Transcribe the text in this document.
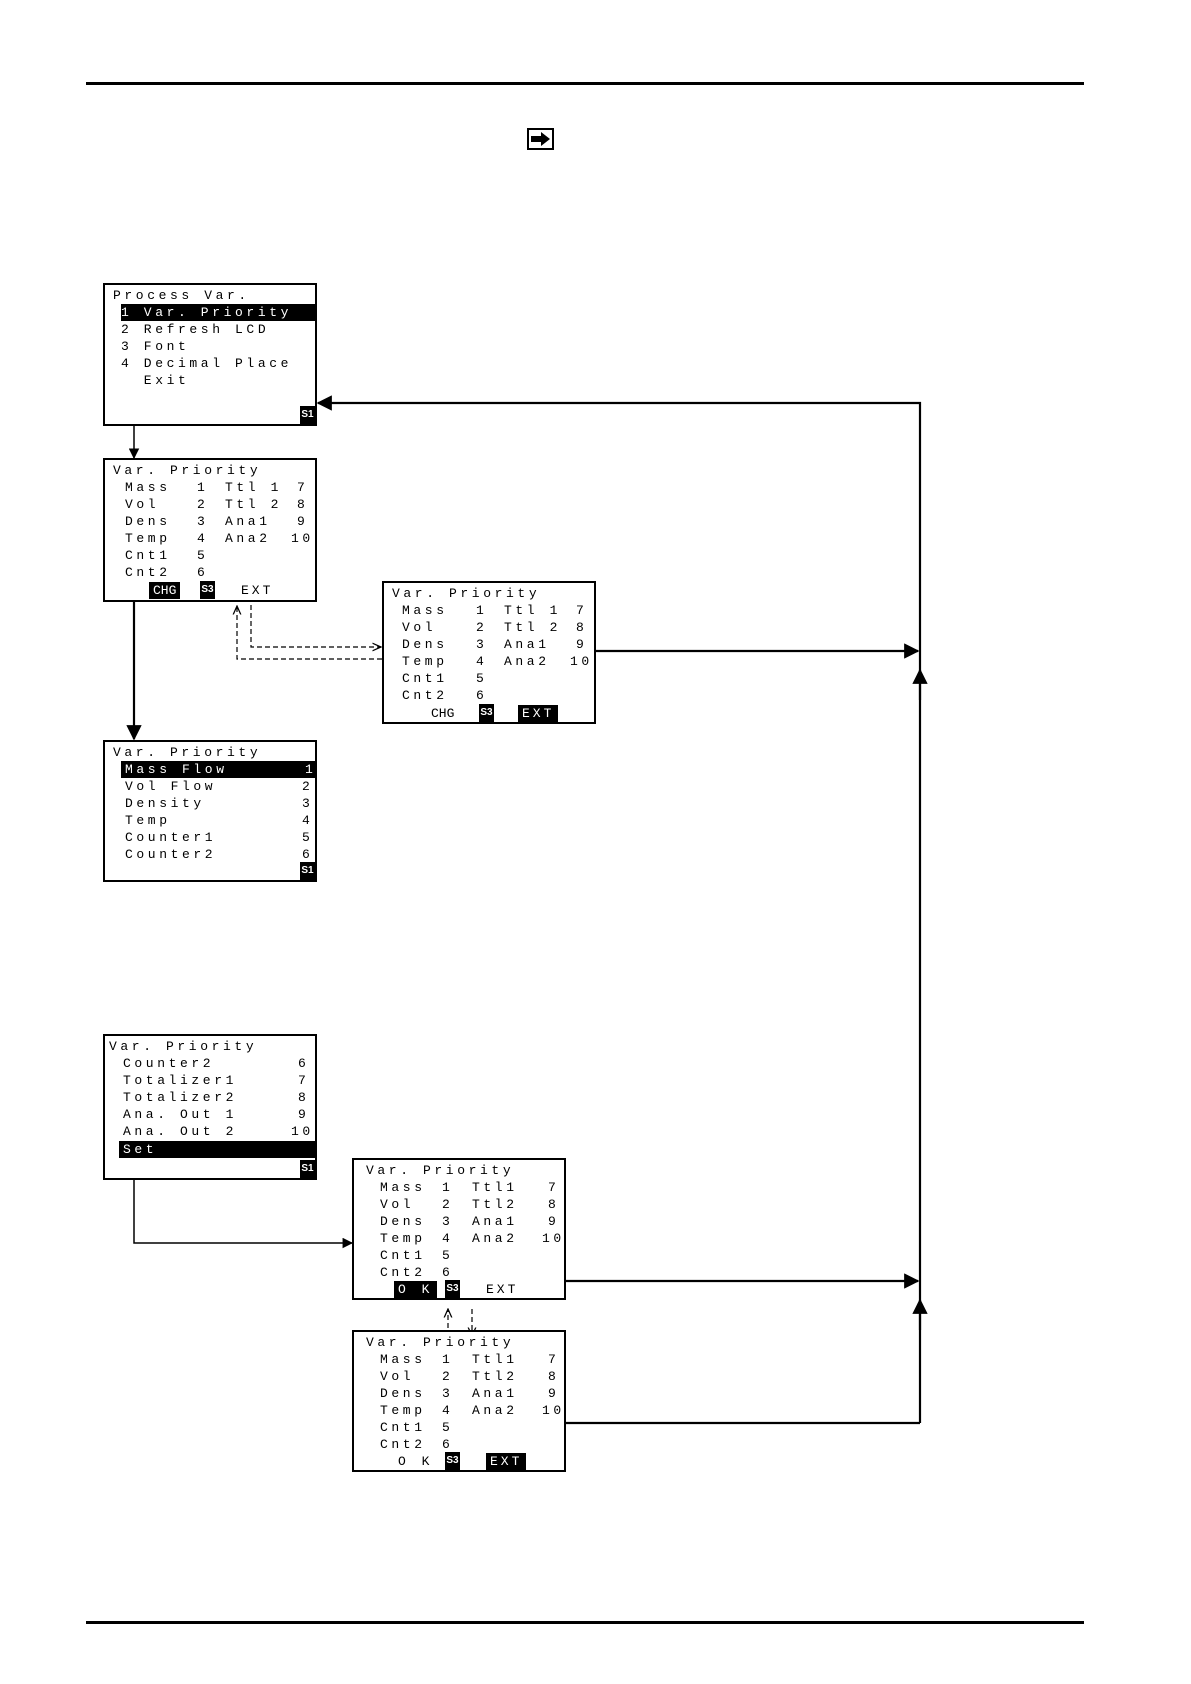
Process Var.
1 Var. Priority
2 Refresh LCD
3 Font
4 Decimal Place
Exit
S1
Var. Priority
Mass 1 Ttl 1 7
Vol	2 Ttl 2 8
Dens 3 Ana1 9
Temp 4 Ana2 10
Cnt1 5
Cnt2 6
CHG	S3 EXT	Var. Priority
Mass 1 Ttl 1 7
Vol	2 Ttl 2 8
Dens 3 Ana1 9
Temp 4 Ana2 10
Cnt1 5
Cnt2 6
CHG	S3	EXT
Var. Priority
Mass Flow	1
Vol Flow	2
Density	3
Temp	4
Counter1	5
Counter2	6
S1
Var. Priority
Counter2	6
Totalizer1	7
Totalizer2	8
Ana. Out 1	9
Ana. Out 2	10
Set
S1	Var. Priority
Mass 1 Ttl1 7
Vol 2 Ttl2 8
Dens 3 Ana1 9
Temp 4 Ana2 10
Cnt1 5
Cnt2 6
O K	S3 EXT
Var. Priority
Mass 1 Ttl1 7
Vol 2 Ttl2 8
Dens 3 Ana1 9
Temp 4 Ana2 10
Cnt1 5
Cnt2 6
O K S3	EXT
